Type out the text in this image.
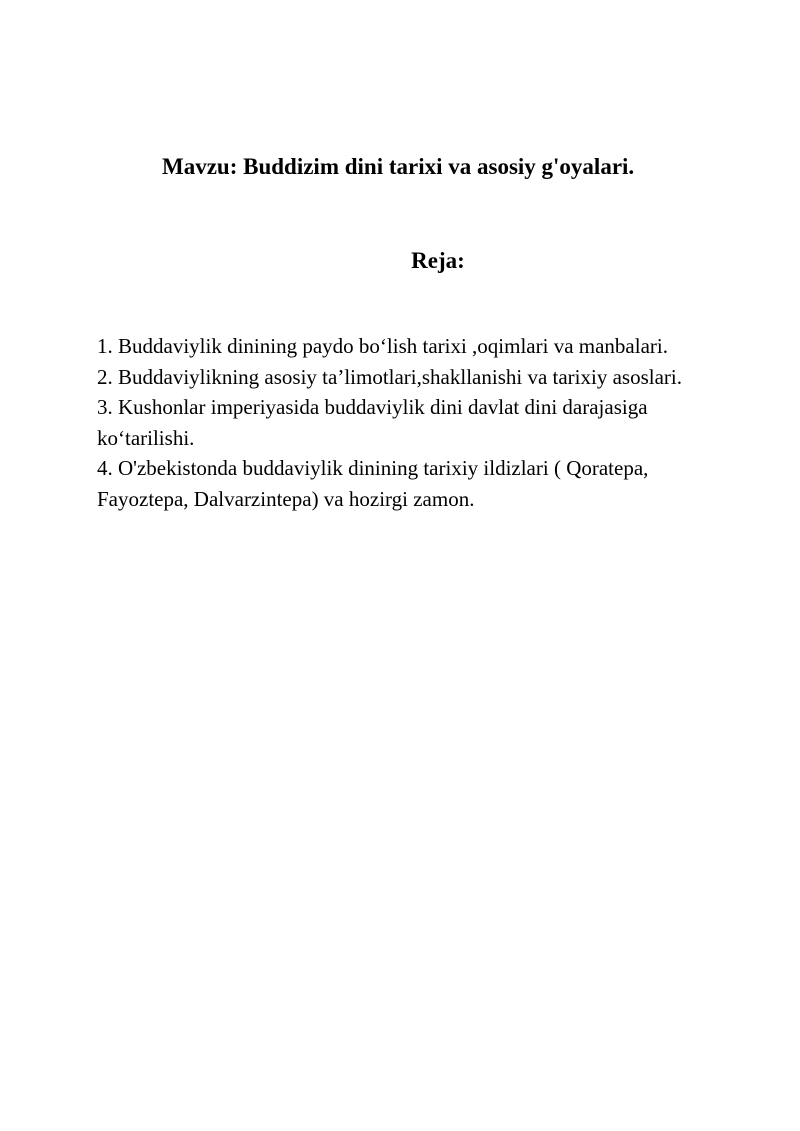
Mavzu: Buddizim dini tarixi va asosiy g'oyalari.
Reja:
1. Buddaviylik dinining paydo bo‘lish tarixi ,oqimlari va manbalari.
2. Buddaviylikning asosiy ta’limotlari,shakllanishi va tarixiy asoslari.
3. Kushonlar imperiyasida buddaviylik dini davlat dini darajasiga ko‘tarilishi.
4. O'zbekistonda buddaviylik dinining tarixiy ildizlari ( Qoratepa, Fayoztepa, Dalvarzintepa) va hozirgi zamon.
